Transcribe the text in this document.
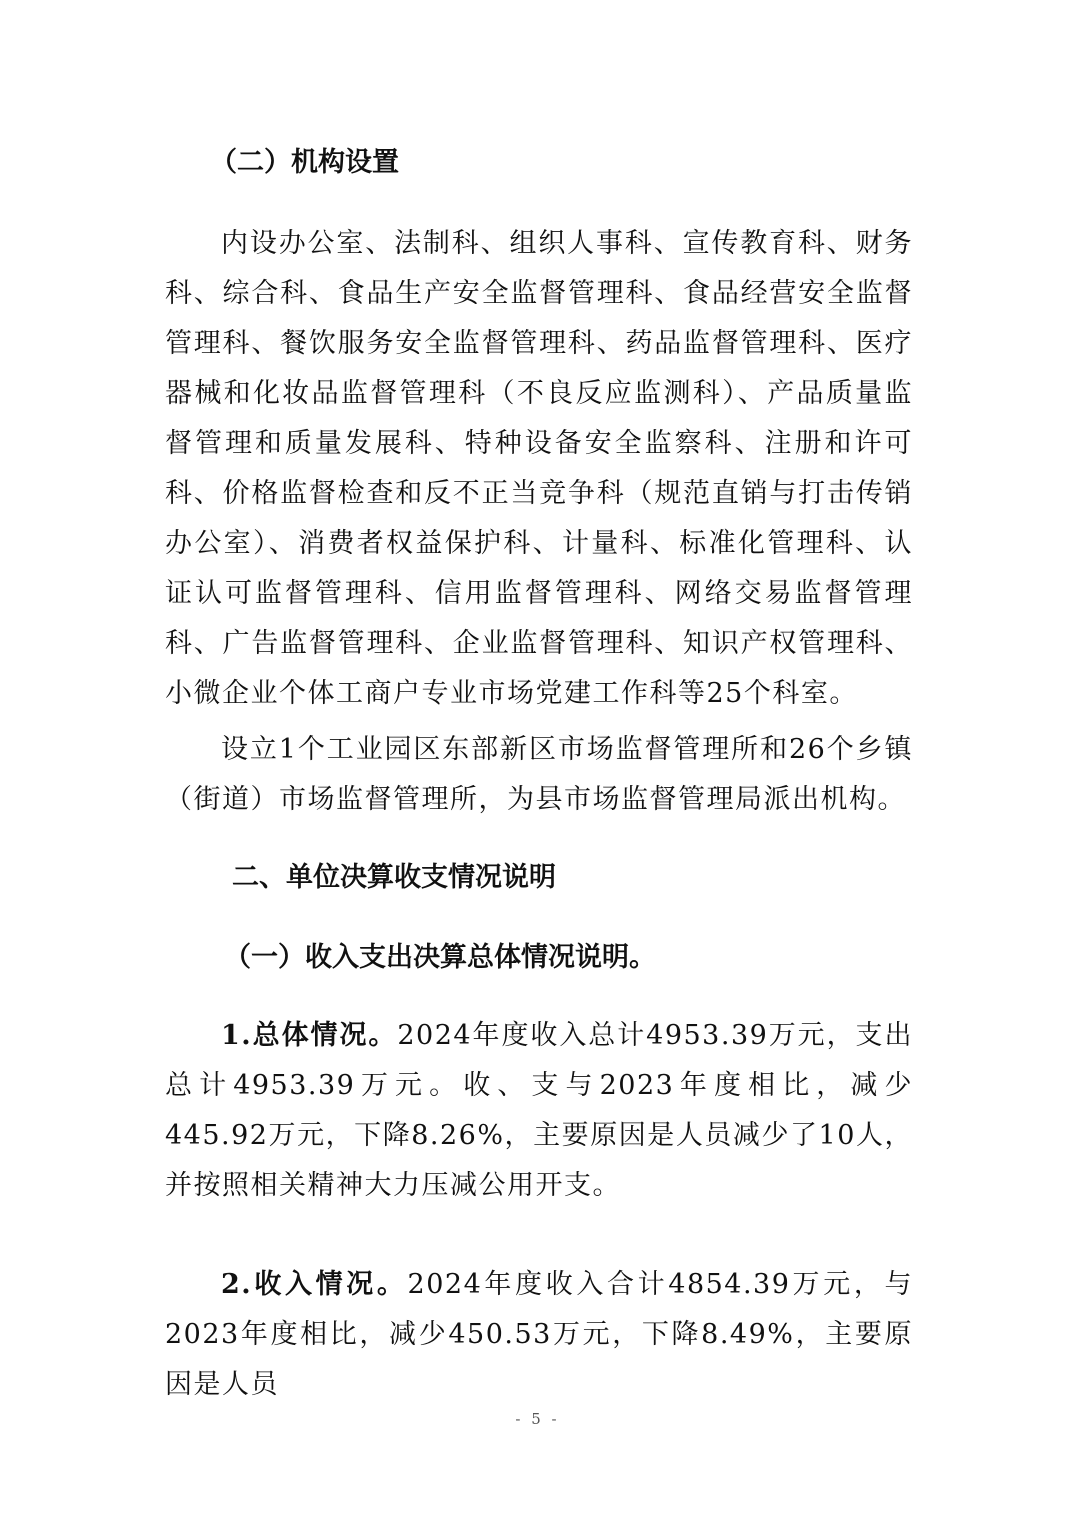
（二）机构设置

内设办公室、法制科、组织人事科、宣传教育科、财务科、综合科、食品生产安全监督管理科、食品经营安全监督管理科、餐饮服务安全监督管理科、药品监督管理科、医疗器械和化妆品监督管理科（不良反应监测科）、产品质量监督管理和质量发展科、特种设备安全监察科、注册和许可科、价格监督检查和反不正当竞争科（规范直销与打击传销办公室）、消费者权益保护科、计量科、标准化管理科、认证认可监督管理科、信用监督管理科、网络交易监督管理科、广告监督管理科、企业监督管理科、知识产权管理科、小微企业个体工商户专业市场党建工作科等25个科室。

设立1个工业园区东部新区市场监督管理所和26个乡镇（街道）市场监督管理所，为县市场监督管理局派出机构。

二、单位决算收支情况说明
（一）收入支出决算总体情况说明。

1.总体情况。2024年度收入总计4953.39万元，支出总计4953.39万元。收、支与2023年度相比，减少445.92万元，下降8.26%，主要原因是人员减少了10人，并按照相关精神大力压减公用开支。

2.收入情况。2024年度收入合计4854.39万元，与2023年度相比，减少450.53万元，下降8.49%，主要原因是人员

- 5 -
